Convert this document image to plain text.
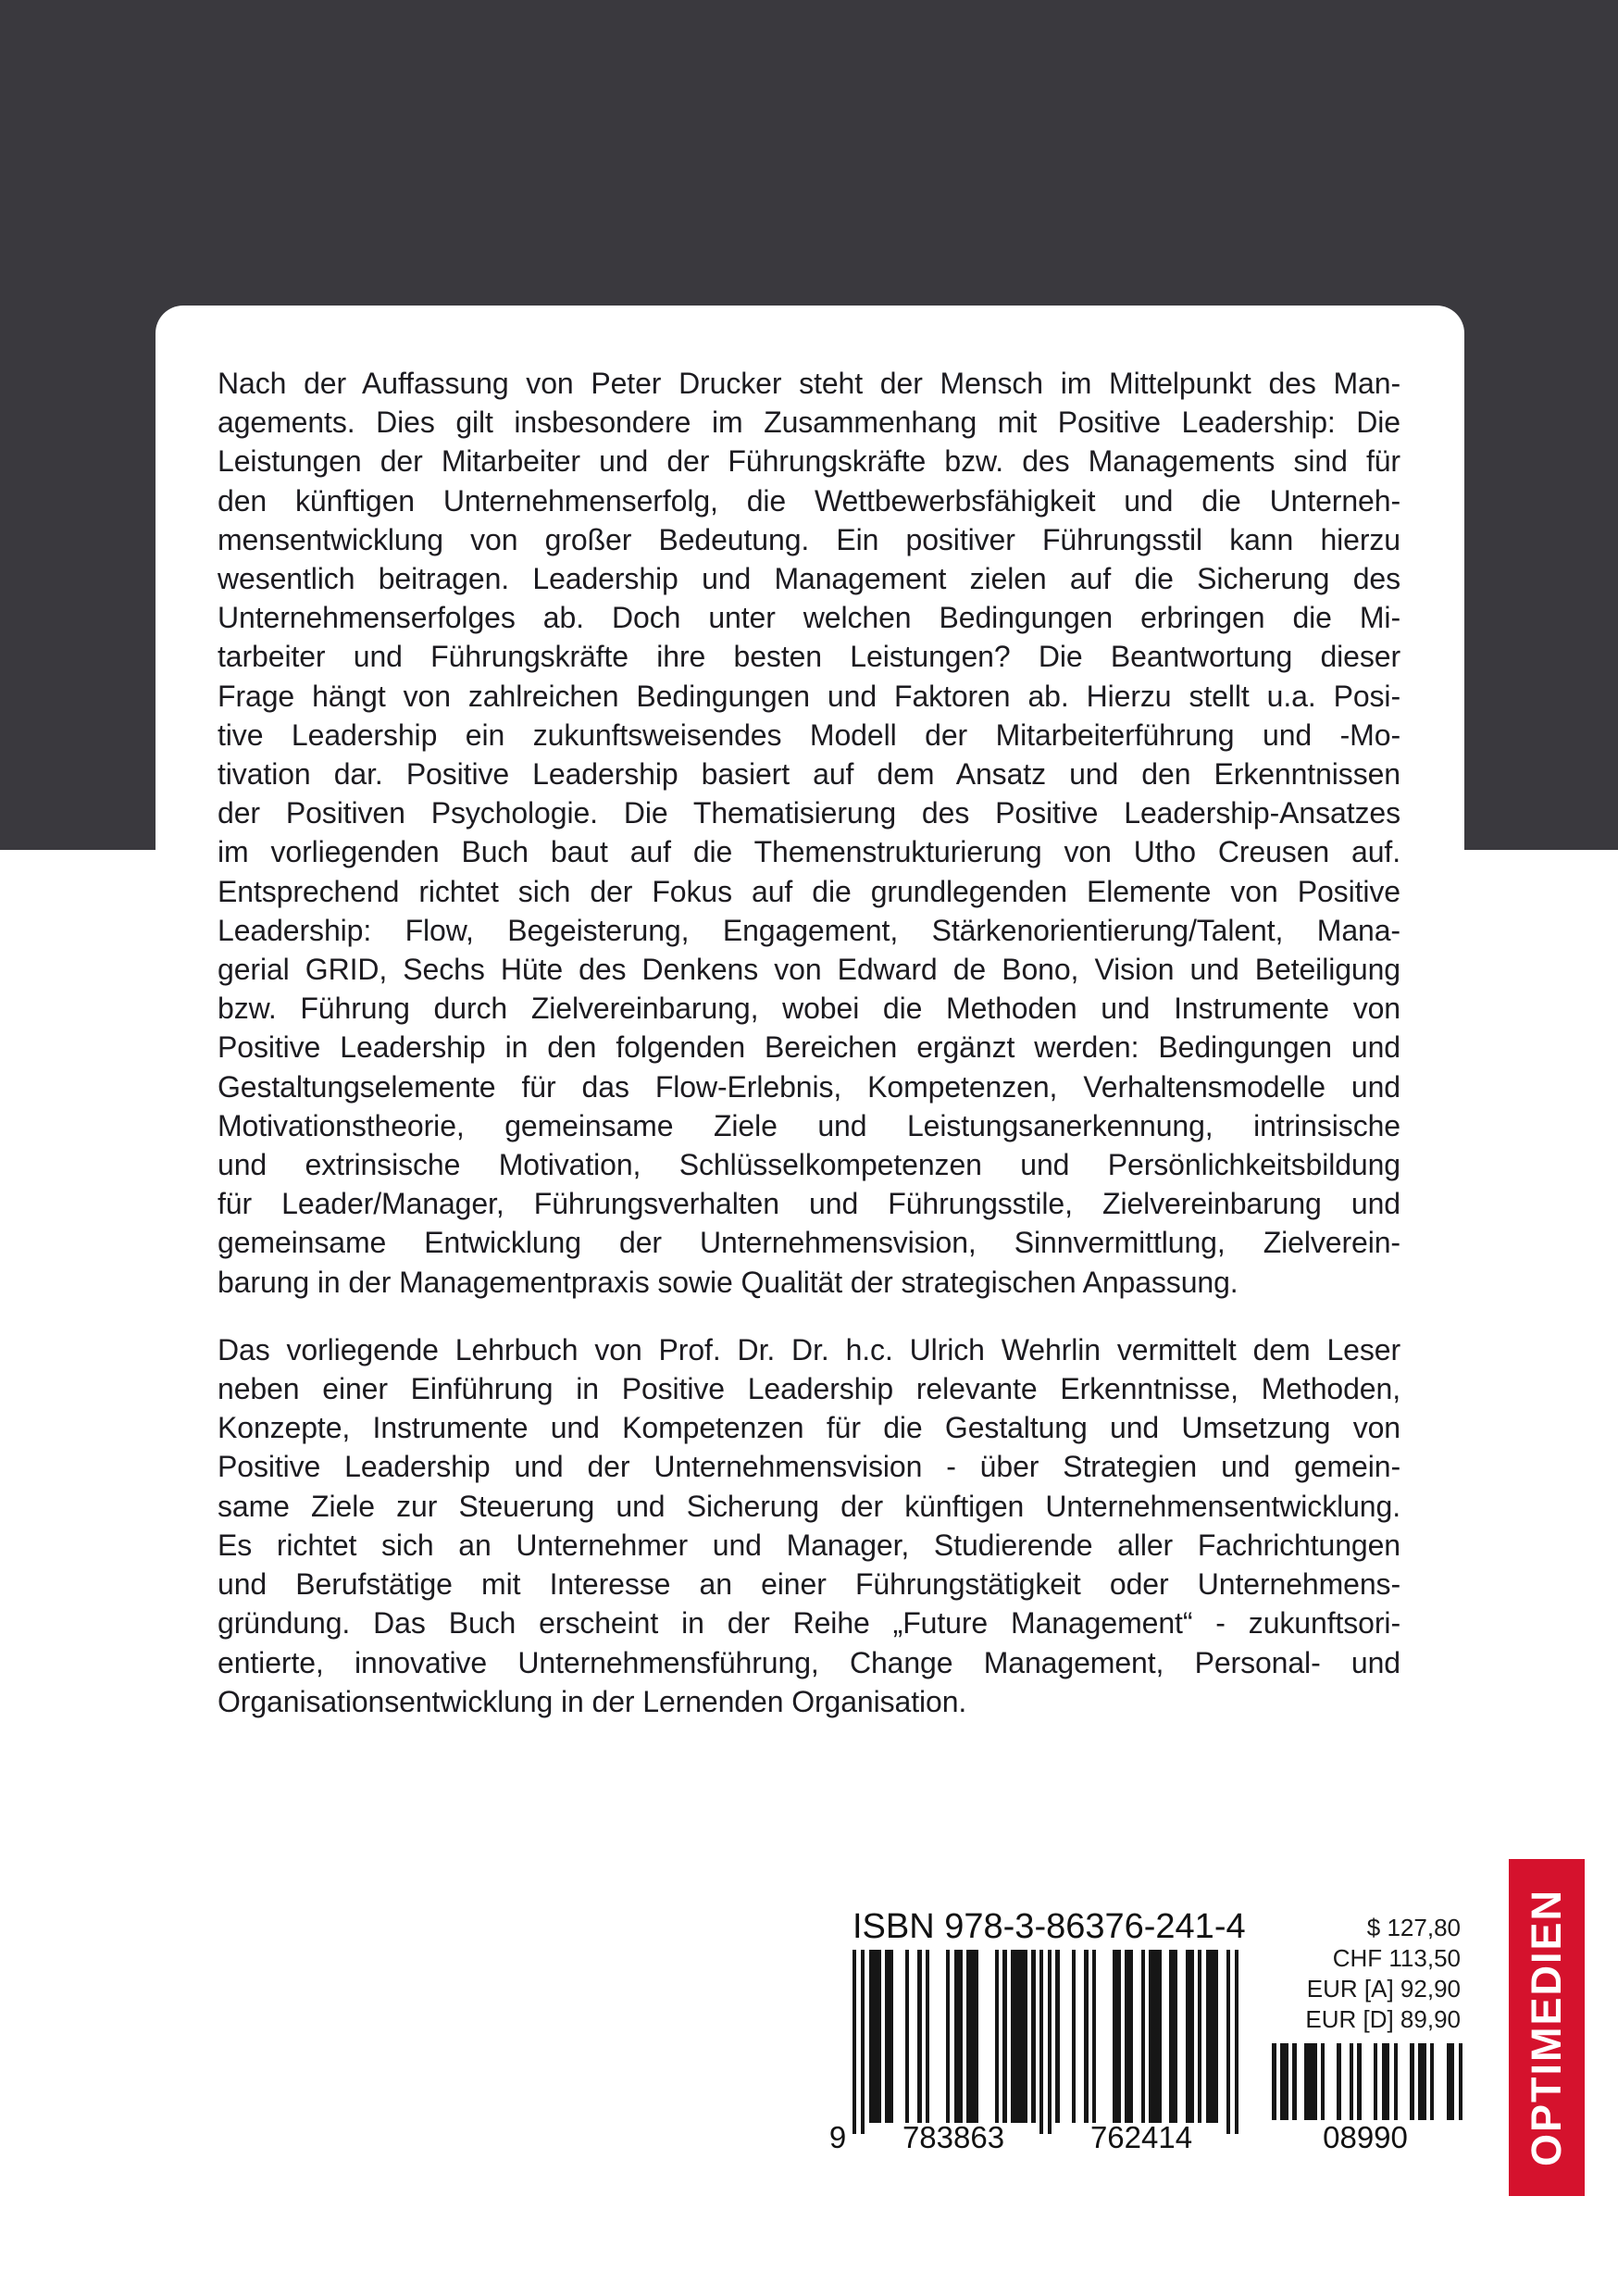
Nach der Auffassung von Peter Drucker steht der Mensch im Mittelpunkt des Man-
agements. Dies gilt insbesondere im Zusammenhang mit Positive Leadership: Die
Leistungen der Mitarbeiter und der Führungskräfte bzw. des Managements sind für
den künftigen Unternehmenserfolg, die Wettbewerbsfähigkeit und die Unterneh-
mensentwicklung von großer Bedeutung. Ein positiver Führungsstil kann hierzu
wesentlich beitragen. Leadership und Management zielen auf die Sicherung des
Unternehmenserfolges ab. Doch unter welchen Bedingungen erbringen die Mi-
tarbeiter und Führungskräfte ihre besten Leistungen? Die Beantwortung dieser
Frage hängt von zahlreichen Bedingungen und Faktoren ab. Hierzu stellt u.a. Posi-
tive Leadership ein zukunftsweisendes Modell der Mitarbeiterführung und -Mo-
tivation dar. Positive Leadership basiert auf dem Ansatz und den Erkenntnissen
der Positiven Psychologie. Die Thematisierung des Positive Leadership-Ansatzes
im vorliegenden Buch baut auf die Themenstrukturierung von Utho Creusen auf.
Entsprechend richtet sich der Fokus auf die grundlegenden Elemente von Positive
Leadership: Flow, Begeisterung, Engagement, Stärkenorientierung/Talent, Mana-
gerial GRID, Sechs Hüte des Denkens von Edward de Bono, Vision und Beteiligung
bzw. Führung durch Zielvereinbarung, wobei die Methoden und Instrumente von
Positive Leadership in den folgenden Bereichen ergänzt werden: Bedingungen und
Gestaltungselemente für das Flow-Erlebnis, Kompetenzen, Verhaltensmodelle und
Motivationstheorie, gemeinsame Ziele und Leistungsanerkennung, intrinsische
und extrinsische Motivation, Schlüsselkompetenzen und Persönlichkeitsbildung
für Leader/Manager, Führungsverhalten und Führungsstile, Zielvereinbarung und
gemeinsame Entwicklung der Unternehmensvision, Sinnvermittlung, Zielverein-
barung in der Managementpraxis sowie Qualität der strategischen Anpassung.
Das vorliegende Lehrbuch von Prof. Dr. Dr. h.c. Ulrich Wehrlin vermittelt dem Leser
neben einer Einführung in Positive Leadership relevante Erkenntnisse, Methoden,
Konzepte, Instrumente und Kompetenzen für die Gestaltung und Umsetzung von
Positive Leadership und der Unternehmensvision - über Strategien und gemein-
same Ziele zur Steuerung und Sicherung der künftigen Unternehmensentwicklung.
Es richtet sich an Unternehmer und Manager, Studierende aller Fachrichtungen
und Berufstätige mit Interesse an einer Führungstätigkeit oder Unternehmens-
gründung. Das Buch erscheint in der Reihe „Future Management“ - zukunftsori-
entierte, innovative Unternehmensführung, Change Management, Personal- und
Organisationsentwicklung in der Lernenden Organisation.
ISBN 978-3-86376-241-4
9 783863	762414	08990
$ 127,80
CHF 113,50
EUR [A] 92,90
EUR [D] 89,90	OPTIMEDIEN
